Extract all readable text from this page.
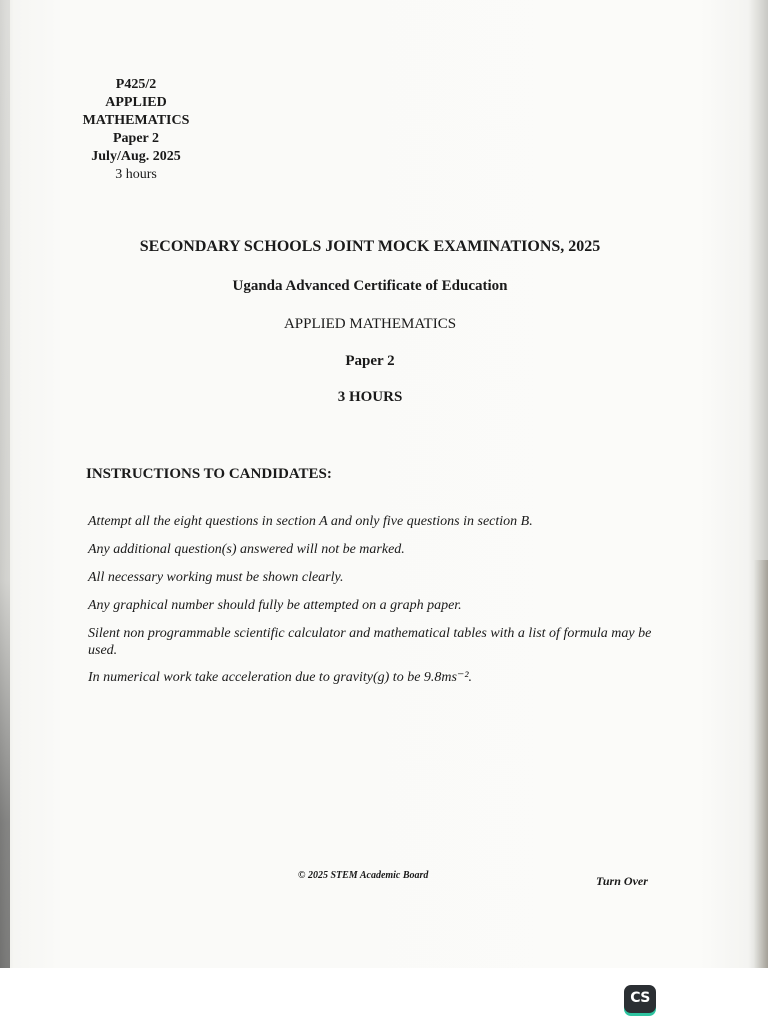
P425/2
APPLIED
MATHEMATICS
Paper 2
July/Aug. 2025
3 hours
SECONDARY SCHOOLS JOINT MOCK EXAMINATIONS, 2025
Uganda Advanced Certificate of Education
APPLIED MATHEMATICS
Paper 2
3 HOURS
INSTRUCTIONS TO CANDIDATES:
Attempt all the eight questions in section A and only five questions in section B.
Any additional question(s) answered will not be marked.
All necessary working must be shown clearly.
Any graphical number should fully be attempted on a graph paper.
Silent non programmable scientific calculator and mathematical tables with a list of formula may be used.
In numerical work take acceleration due to gravity(g) to be 9.8ms⁻².
© 2025 STEM Academic Board	Turn Over
CS
